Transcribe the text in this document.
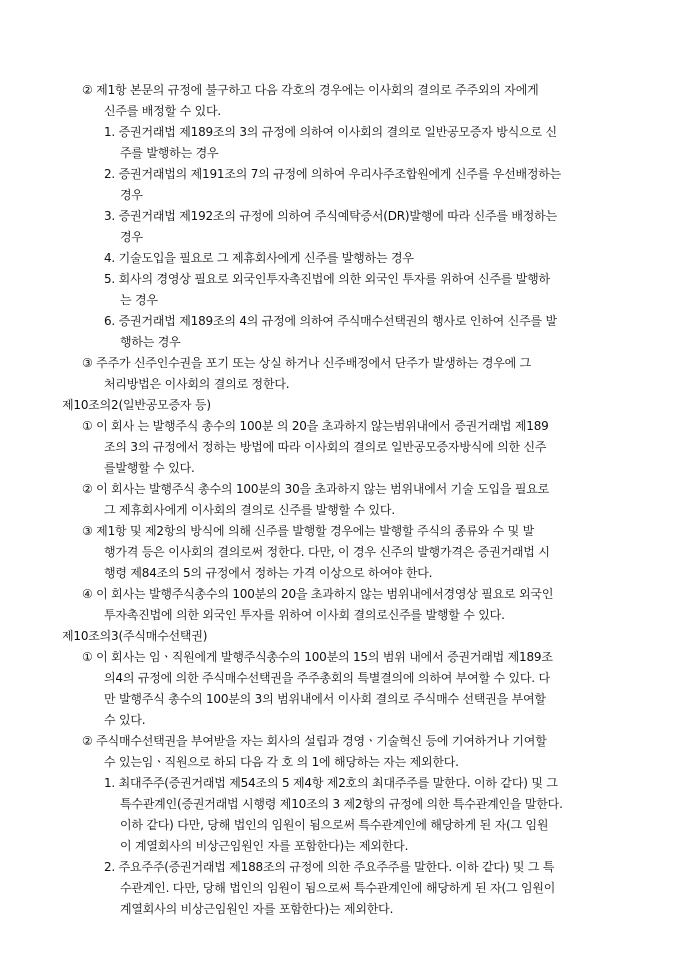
② 제1항 본문의 규정에 불구하고 다음 각호의 경우에는 이사회의 결의로 주주외의 자에게
신주를 배정할 수 있다.
1. 증권거래법 제189조의 3의 규정에 의하여 이사회의 결의로 일반공모증자 방식으로 신
주를 발행하는 경우
2. 증권거래법의 제191조의 7의 규정에 의하여 우리사주조합원에게 신주를 우선배정하는
경우
3. 증권거래법 제192조의 규정에 의하여 주식예탁증서(DR)발행에 따라 신주를 배정하는
경우
4. 기술도입을 필요로 그 제휴회사에게 신주를 발행하는 경우
5. 회사의 경영상 필요로 외국인투자촉진법에 의한 외국인 투자를 위하여 신주를 발행하
는 경우
6. 증권거래법 제189조의 4의 규정에 의하여 주식매수선택권의 행사로 인하여 신주를 발
행하는 경우
③ 주주가 신주인수권을 포기 또는 상실 하거나 신주배정에서 단주가 발생하는 경우에 그
처리방법은 이사회의 결의로 정한다.
제10조의2(일반공모증자 등)
① 이 회사 는 발행주식 총수의 100분 의 20을 초과하지 않는범위내에서 증권거래법 제189
조의 3의 규정에서 정하는 방법에 따라 이사회의 결의로 일반공모증자방식에 의한 신주
를발행할 수 있다.
② 이 회사는 발행주식 총수의 100분의 30을 초과하지 않는 범위내에서 기술 도입을 필요로
그 제휴회사에게 이사회의 결의로 신주를 발행할 수 있다.
③ 제1항 및 제2항의 방식에 의해 신주를 발행할 경우에는 발행할 주식의 종류와 수 및 발
행가격 등은 이사회의 결의로써 정한다. 다만, 이 경우 신주의 발행가격은 증권거래법 시
행령 제84조의 5의 규정에서 정하는 가격 이상으로 하여야 한다.
④ 이 회사는 발행주식총수의 100분의 20을 초과하지 않는 범위내에서경영상 필요로 외국인
투자촉진법에 의한 외국인 투자를 위하여 이사회 결의로신주를 발행할 수 있다.
제10조의3(주식매수선택권)
① 이 회사는 임ㆍ직원에게 발행주식총수의 100분의 15의 범위 내에서 증권거래법 제189조
의4의 규정에 의한 주식매수선택권을 주주총회의 특별결의에 의하여 부여할 수 있다. 다
만 발행주식 총수의 100분의 3의 범위내에서 이사회 결의로 주식매수 선택권을 부여할
수 있다.
② 주식매수선택권을 부여받을 자는 회사의 설립과 경영ㆍ기술혁신 등에 기여하거나 기여할
수 있는임ㆍ직원으로 하되 다음 각 호 의 1에 해당하는 자는 제외한다.
1. 최대주주(증권거래법 제54조의 5 제4항 제2호의 최대주주를 말한다. 이하 같다) 및 그
특수관계인(증권거래법 시행령 제10조의 3 제2항의 규정에 의한 특수관계인을 말한다.
이하 같다) 다만, 당해 법인의 임원이 됨으로써 특수관계인에 해당하게 된 자(그 임원
이 계열회사의 비상근임원인 자를 포함한다)는 제외한다.
2. 주요주주(증권거래법 제188조의 규정에 의한 주요주주를 말한다. 이하 같다) 및 그 특
수관계인. 다만, 당해 법인의 임원이 됨으로써 특수관계인에 해당하게 된 자(그 임원이
계열회사의 비상근임원인 자를 포함한다)는 제외한다.
